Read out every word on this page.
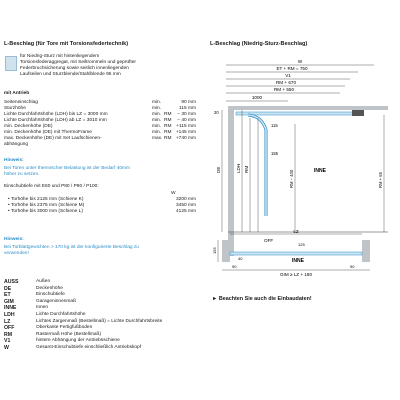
L-Beschlag (für Tore mit Torsionsfedertechnik)
für Niedrig-Sturz mit hintenliegendem
Torsionsfederaggregat, mit Seiltrommeln und geprüfter
Federbruchsicherung sowie seitlich innenliegenden
Laufseilen und Sturzblende/Stahlblende 95 mm
mit Antrieb
Seiteneinschlag	min.	90 mm
Sturzhöhe	min.	115 mm
Lichte Durchfahrtshöhe (LDH) bis LZ = 3000 mm	min. RM	− 30 mm
Lichte Durchfahrtshöhe (LDH) ab LZ = 3010 mm	min. RM	− 40 mm
min. Deckenhöhe (DE)	min. RM +115 mm
min. Deckenhöhe (DE) mit ThermoFrame	min. RM +145 mm
max. Deckenhöhe (DE) mit Set Laufschienen-	max. RM +740 mm
abhängung
Hinweis:
Bei Toren unter thermischer Belastung ist der Bedarf 40mm
höher zu setzen.
Einschubtiefe mit E60 und P80 / P90 / P100:
W
• Torhöhe bis 2125 mm (Schiene K)	3200 mm
• Torhöhe bis 2375 mm (Schiene M)	3450 mm
• Torhöhe bis 3000 mm (Schiene L)	4125 mm
Hinweis:
Bei Torblattgewichten > 170 kg ist der konfigurierte Beschlag zu
verwenden!
AUSS	Außen
DE	Deckenhöhe
ET	Einschubtiefe
GIM	Garageninnenmaß
INNE	Innen
LDH	Lichte Durchfahrtshöhe
LZ	Lichtes Zargenmaß (Bestellmaß) = Lichte Durchfahrtsbreite
OFF	Oberkante Fertigfußboden
RM	Rastermaß Höhe (Bestellmaß)
V1	hintere Abhängung der Antriebsschiene
W	Gesamt-Einschubtiefe einschließlich Antriebskopf
L-Beschlag (Niedrig-Sturz-Beschlag)
W
ET + RM = 750
V1
RM + 670
RM + 550
1000
20
DE	LDH RM
115
155
RM − 400	RM + 65
INNE
OFF
LZ
GIM ≥ LZ + 180
125
155
90	90
40	INNE
► Beachten Sie auch die Einbaudaten!
